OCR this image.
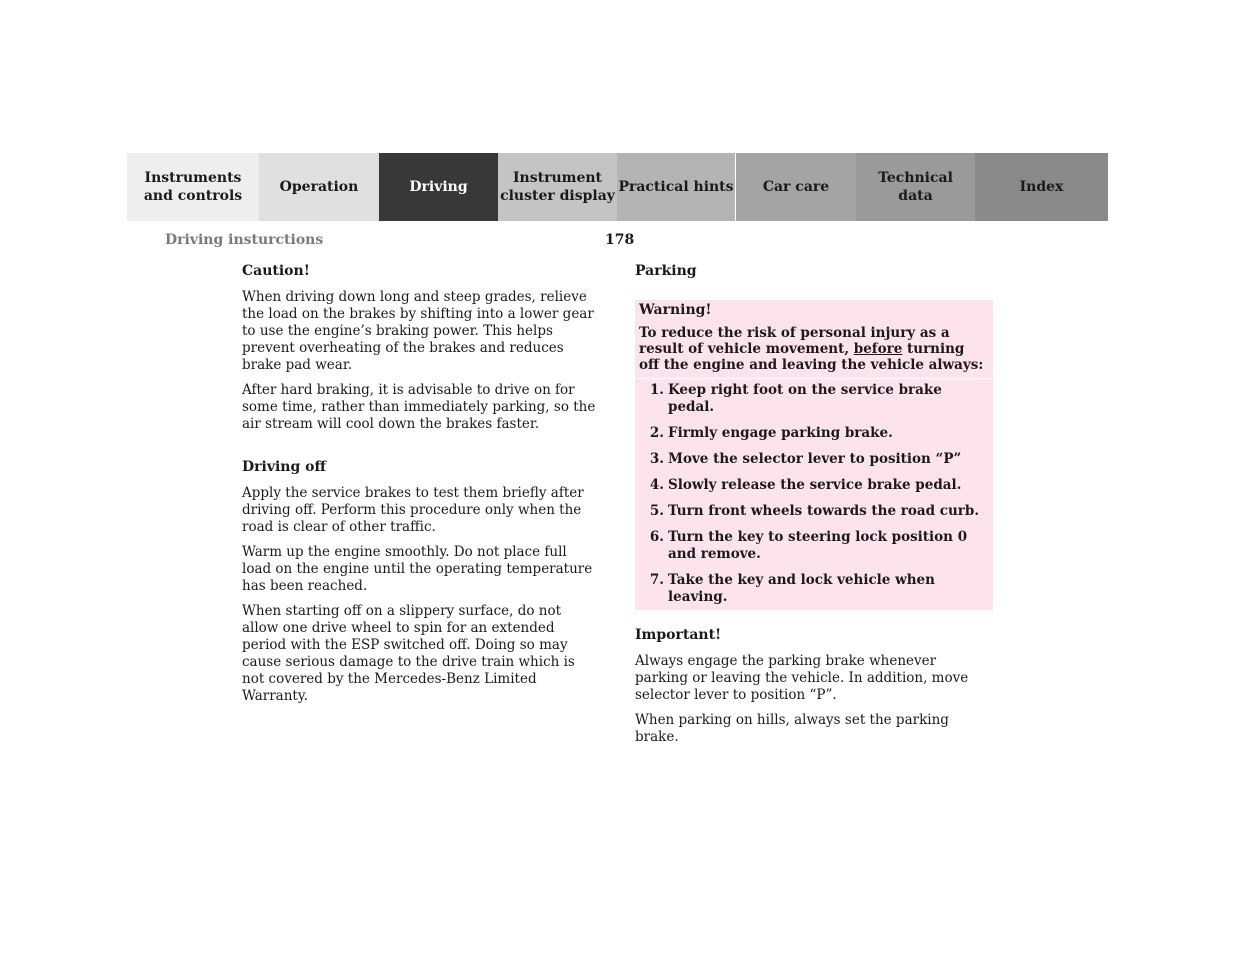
Instruments
and controls
Operation	Driving
Instrument
cluster display
Practical hints	Car care
Technical
data
Index
Driving insturctions	178
Caution!

When driving down long and steep grades, relieve the load on the brakes by shifting into a lower gear to use the engine’s braking power. This helps prevent overheating of the brakes and reduces brake pad wear.

After hard braking, it is advisable to drive on for some time, rather than immediately parking, so the air stream will cool down the brakes faster.

Driving off

Apply the service brakes to test them briefly after driving off. Perform this procedure only when the road is clear of other traffic.

Warm up the engine smoothly. Do not place full load on the engine until the operating temperature has been reached.

When starting off on a slippery surface, do not allow one drive wheel to spin for an extended period with the ESP switched off. Doing so may cause serious damage to the drive train which is not covered by the Mercedes-Benz Limited Warranty.

Parking
Warning!
To reduce the risk of personal injury as a result of vehicle movement, before turning off the engine and leaving the vehicle always:
1. Keep right foot on the service brake pedal.
2. Firmly engage parking brake.
3. Move the selector lever to position “P”
4. Slowly release the service brake pedal.
5. Turn front wheels towards the road curb.
6. Turn the key to steering lock position 0 and remove.
7. Take the key and lock vehicle when leaving.
Important!

Always engage the parking brake whenever parking or leaving the vehicle. In addition, move selector lever to position “P”.

When parking on hills, always set the parking brake.
